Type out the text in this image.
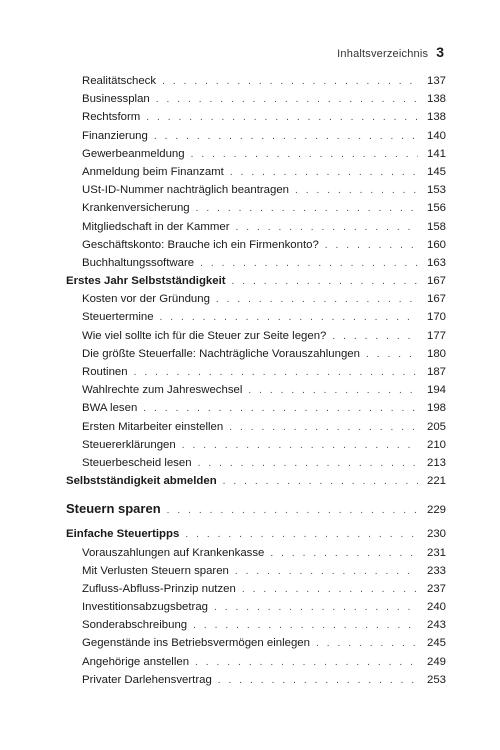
Inhaltsverzeichnis 3
Realitätscheck . . .	137
Businessplan . . .	138
Rechtsform . . .	138
Finanzierung . . .	140
Gewerbeanmeldung . . .	141
Anmeldung beim Finanzamt . . .	145
USt-ID-Nummer nachträglich beantragen . . .	153
Krankenversicherung . . .	156
Mitgliedschaft in der Kammer . . .	158
Geschäftskonto: Brauche ich ein Firmenkonto? . . .	160
Buchhaltungssoftware . . .	163
Erstes Jahr Selbstständigkeit . . .	167
Kosten vor der Gründung . . .	167
Steuertermine . . .	170
Wie viel sollte ich für die Steuer zur Seite legen? . . .	177
Die größte Steuerfalle: Nachträgliche Vorauszahlungen . . .	180
Routinen . . .	187
Wahlrechte zum Jahreswechsel . . .	194
BWA lesen . . .	198
Ersten Mitarbeiter einstellen . . .	205
Steuererklärungen . . .	210
Steuerbescheid lesen . . .	213
Selbstständigkeit abmelden . . .	221
Steuern sparen . . .	229
Einfache Steuertipps . . .	230
Vorauszahlungen auf Krankenkasse . . .	231
Mit Verlusten Steuern sparen . . .	233
Zufluss-Abfluss-Prinzip nutzen . . .	237
Investitionsabzugsbetrag . . .	240
Sonderabschreibung . . .	243
Gegenstände ins Betriebsvermögen einlegen . . .	245
Angehörige anstellen . . .	249
Privater Darlehensvertrag . . .	253
